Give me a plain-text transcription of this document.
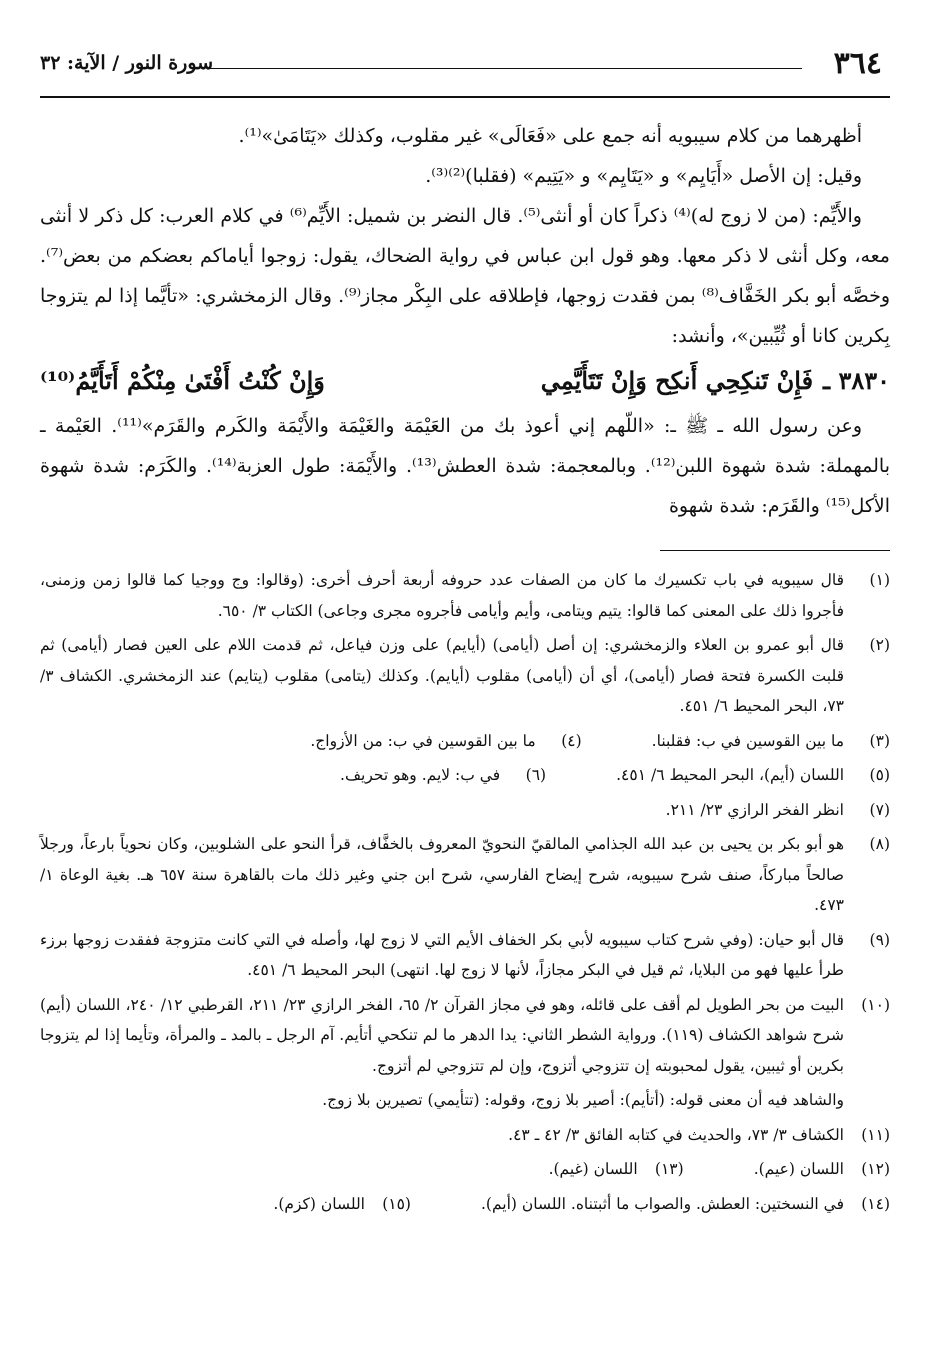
٣٦٤
سورة النور / الآية: ٣٢

أظهرهما من كلام سيبويه أنه جمع على «فَعَالَى» غير مقلوب، وكذلك «يَتَامَىٰ»⁽¹⁾.

وقيل: إن الأصل «أَيَايِم» و «يَتَايِم» و «يَتِيم» (فقلبا)⁽²⁾⁽³⁾.

والأَيِّم: (من لا زوج له)⁽⁴⁾ ذكراً كان أو أنثى⁽⁵⁾. قال النضر بن شميل: الأَيِّم⁽⁶⁾ في كلام العرب: كل ذكر لا أنثى معه، وكل أنثى لا ذكر معها. وهو قول ابن عباس في رواية الضحاك، يقول: زوجوا أياماكم بعضكم من بعض⁽⁷⁾. وخصَّه أبو بكر الخَفَّاف⁽⁸⁾ بمن فقدت زوجها، فإطلاقه على البِكْر مجاز⁽⁹⁾. وقال الزمخشري: «تأيَّما إذا لم يتزوجا بِكرين كانا أو ثُيِّبين»، وأنشد:

٣٨٣٠ ـ
فَإِنْ تَنكِحِي أَنكِح وَإِنْ تَتَأَيَّمِي
وَإِنْ كُنْتُ أَفْتَىٰ مِنْكُمْ أَتَأَيَّمُ⁽¹⁰⁾

وعن رسول الله ـ ﷺ ـ: «اللّهم إني أعوذ بك من العَيْمَة والغَيْمَة والأَيْمَة والكَرم والقَرَم»⁽¹¹⁾. العَيْمة ـ بالمهملة: شدة شهوة اللبن⁽¹²⁾. وبالمعجمة: شدة العطش⁽¹³⁾. والأَيْمَة: طول العزبة⁽¹⁴⁾. والكَرَم: شدة شهوة الأكل⁽¹⁵⁾ والقَرَم: شدة شهوة

(١)
قال سيبويه في باب تكسيرك ما كان من الصفات عدد حروفه أربعة أحرف أخرى: (وقالوا: وج ووجيا كما قالوا زمن وزمنى، فأجروا ذلك على المعنى كما قالوا: يتيم ويتامى، وأيم وأيامى فأجروه مجرى وجاعى) الكتاب ٣/ ٦٥٠.
(٢)
قال أبو عمرو بن العلاء والزمخشري: إن أصل (أيامى) (أيايم) على وزن فياعل، ثم قدمت اللام على العين فصار (أيامى) ثم قلبت الكسرة فتحة فصار (أيامى)، أي أن (أيامى) مقلوب (أيايم). وكذلك (يتامى) مقلوب (يتايم) عند الزمخشري. الكشاف ٣/ ٧٣، البحر المحيط ٦/ ٤٥١.
(٣)
ما بين القوسين في ب: فقلبنا.
(٤)
ما بين القوسين في ب: من الأزواج.
(٥)
اللسان (أيم)، البحر المحيط ٦/ ٤٥١.
(٦)
في ب: لايم. وهو تحريف.
(٧)
انظر الفخر الرازي ٢٣/ ٢١١.
(٨)
هو أبو بكر بن يحيى بن عبد الله الجذامي المالقيّ النحويّ المعروف بالخفَّاف، قرأ النحو على الشلوبين، وكان نحوياً بارعاً، ورجلاً صالحاً مباركاً، صنف شرح سيبويه، شرح إيضاح الفارسي، شرح ابن جني وغير ذلك مات بالقاهرة سنة ٦٥٧ هـ. بغية الوعاة ١/ ٤٧٣.
(٩)
قال أبو حيان: (وفي شرح كتاب سيبويه لأبي بكر الخفاف الأيم التي لا زوج لها، وأصله في التي كانت متزوجة ففقدت زوجها برزء طرأ عليها فهو من البلايا، ثم قيل في البكر مجازاً، لأنها لا زوج لها. انتهى) البحر المحيط ٦/ ٤٥١.
(١٠)
البيت من بحر الطويل لم أقف على قائله، وهو في مجاز القرآن ٢/ ٦٥، الفخر الرازي ٢٣/ ٢١١، القرطبي ١٢/ ٢٤٠، اللسان (أيم) شرح شواهد الكشاف (١١٩). ورواية الشطر الثاني: يدا الدهر ما لم تنكحي أتأيم. آم الرجل ـ بالمد ـ والمرأة، وتأيما إذا لم يتزوجا بكرين أو ثيبين، يقول لمحبوبته إن تتزوجي أتزوج، وإن لم تتزوجي لم أتزوج.
والشاهد فيه أن معنى قوله: (أتأيم): أصير بلا زوج، وقوله: (تتأيمي) تصيرين بلا زوج.
(١١)
الكشاف ٣/ ٧٣، والحديث في كتابه الفائق ٣/ ٤٢ ـ ٤٣.
(١٢)
اللسان (عيم).
(١٣)
اللسان (غيم).
(١٤)
في النسختين: العطش. والصواب ما أثبتناه. اللسان (أيم).
(١٥)
اللسان (كزم).
